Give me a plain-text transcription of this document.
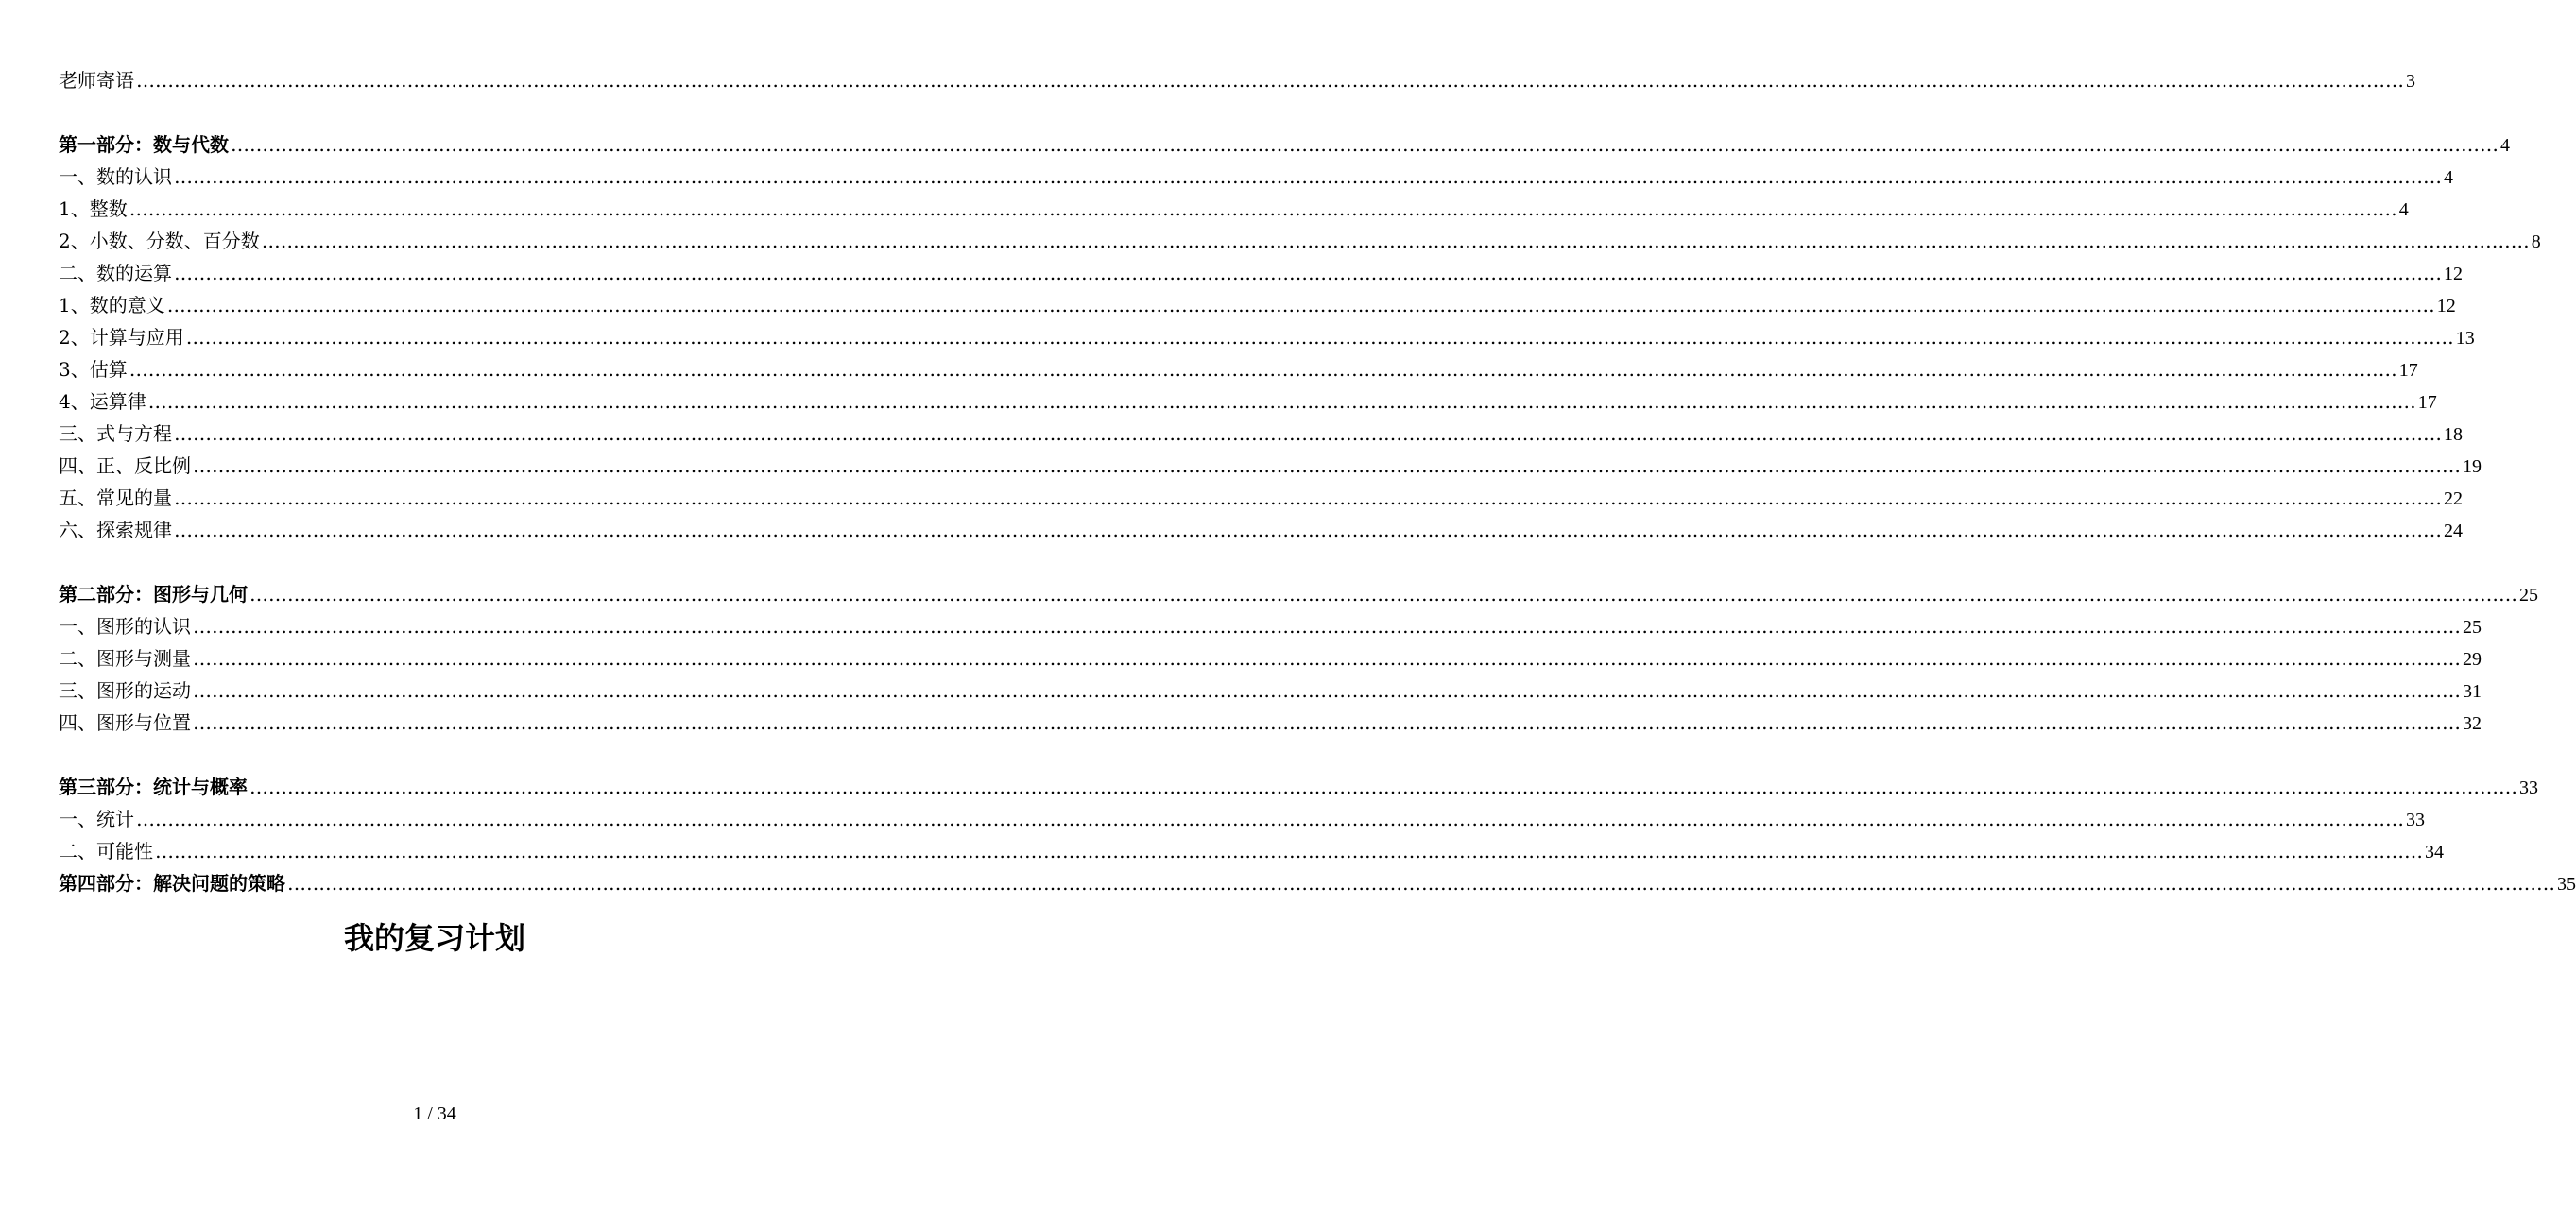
老师寄语 ……………………………………………………………………………………………………………………………………………………………………………………………………………………………………………………………………………………………………………………………… 3
第一部分：数与代数 ……………………………………………………………………………………………………………………………………………………………………………………………………………………………………………………………………………………………………………………………… 4
一、数的认识 ……………………………………………………………………………………………………………………………………………………………………………………………………………………………………………………………………………………………………………………………… 4
1、整数 ……………………………………………………………………………………………………………………………………………………………………………………………………………………………………………………………………………………………………………………………… 4
2、小数、分数、百分数 ……………………………………………………………………………………………………………………………………………………………………………………………………………………………………………………………………………………………………………………………… 8
二、数的运算 ……………………………………………………………………………………………………………………………………………………………………………………………………………………………………………………………………………………………………………………………… 12
1、数的意义 ……………………………………………………………………………………………………………………………………………………………………………………………………………………………………………………………………………………………………………………………… 12
2、计算与应用 ……………………………………………………………………………………………………………………………………………………………………………………………………………………………………………………………………………………………………………………………… 13
3、估算 ……………………………………………………………………………………………………………………………………………………………………………………………………………………………………………………………………………………………………………………………… 17
4、运算律 ……………………………………………………………………………………………………………………………………………………………………………………………………………………………………………………………………………………………………………………………… 17
三、式与方程 ……………………………………………………………………………………………………………………………………………………………………………………………………………………………………………………………………………………………………………………………… 18
四、正、反比例 ……………………………………………………………………………………………………………………………………………………………………………………………………………………………………………………………………………………………………………………………… 19
五、常见的量 ……………………………………………………………………………………………………………………………………………………………………………………………………………………………………………………………………………………………………………………………… 22
六、探索规律 ……………………………………………………………………………………………………………………………………………………………………………………………………………………………………………………………………………………………………………………………… 24
第二部分：图形与几何 ……………………………………………………………………………………………………………………………………………………………………………………………………………………………………………………………………………………………………………………………… 25
一、图形的认识 ……………………………………………………………………………………………………………………………………………………………………………………………………………………………………………………………………………………………………………………………… 25
二、图形与测量 ……………………………………………………………………………………………………………………………………………………………………………………………………………………………………………………………………………………………………………………………… 29
三、图形的运动 ……………………………………………………………………………………………………………………………………………………………………………………………………………………………………………………………………………………………………………………………… 31
四、图形与位置 ……………………………………………………………………………………………………………………………………………………………………………………………………………………………………………………………………………………………………………………………… 32
第三部分：统计与概率 ……………………………………………………………………………………………………………………………………………………………………………………………………………………………………………………………………………………………………………………………… 33
一、统计 ……………………………………………………………………………………………………………………………………………………………………………………………………………………………………………………………………………………………………………………………… 33
二、可能性 ……………………………………………………………………………………………………………………………………………………………………………………………………………………………………………………………………………………………………………………………… 34
第四部分：解决问题的策略 ……………………………………………………………………………………………………………………………………………………………………………………………………………………………………………………………………………………………………………………………… 35
我的复习计划
1 / 34
